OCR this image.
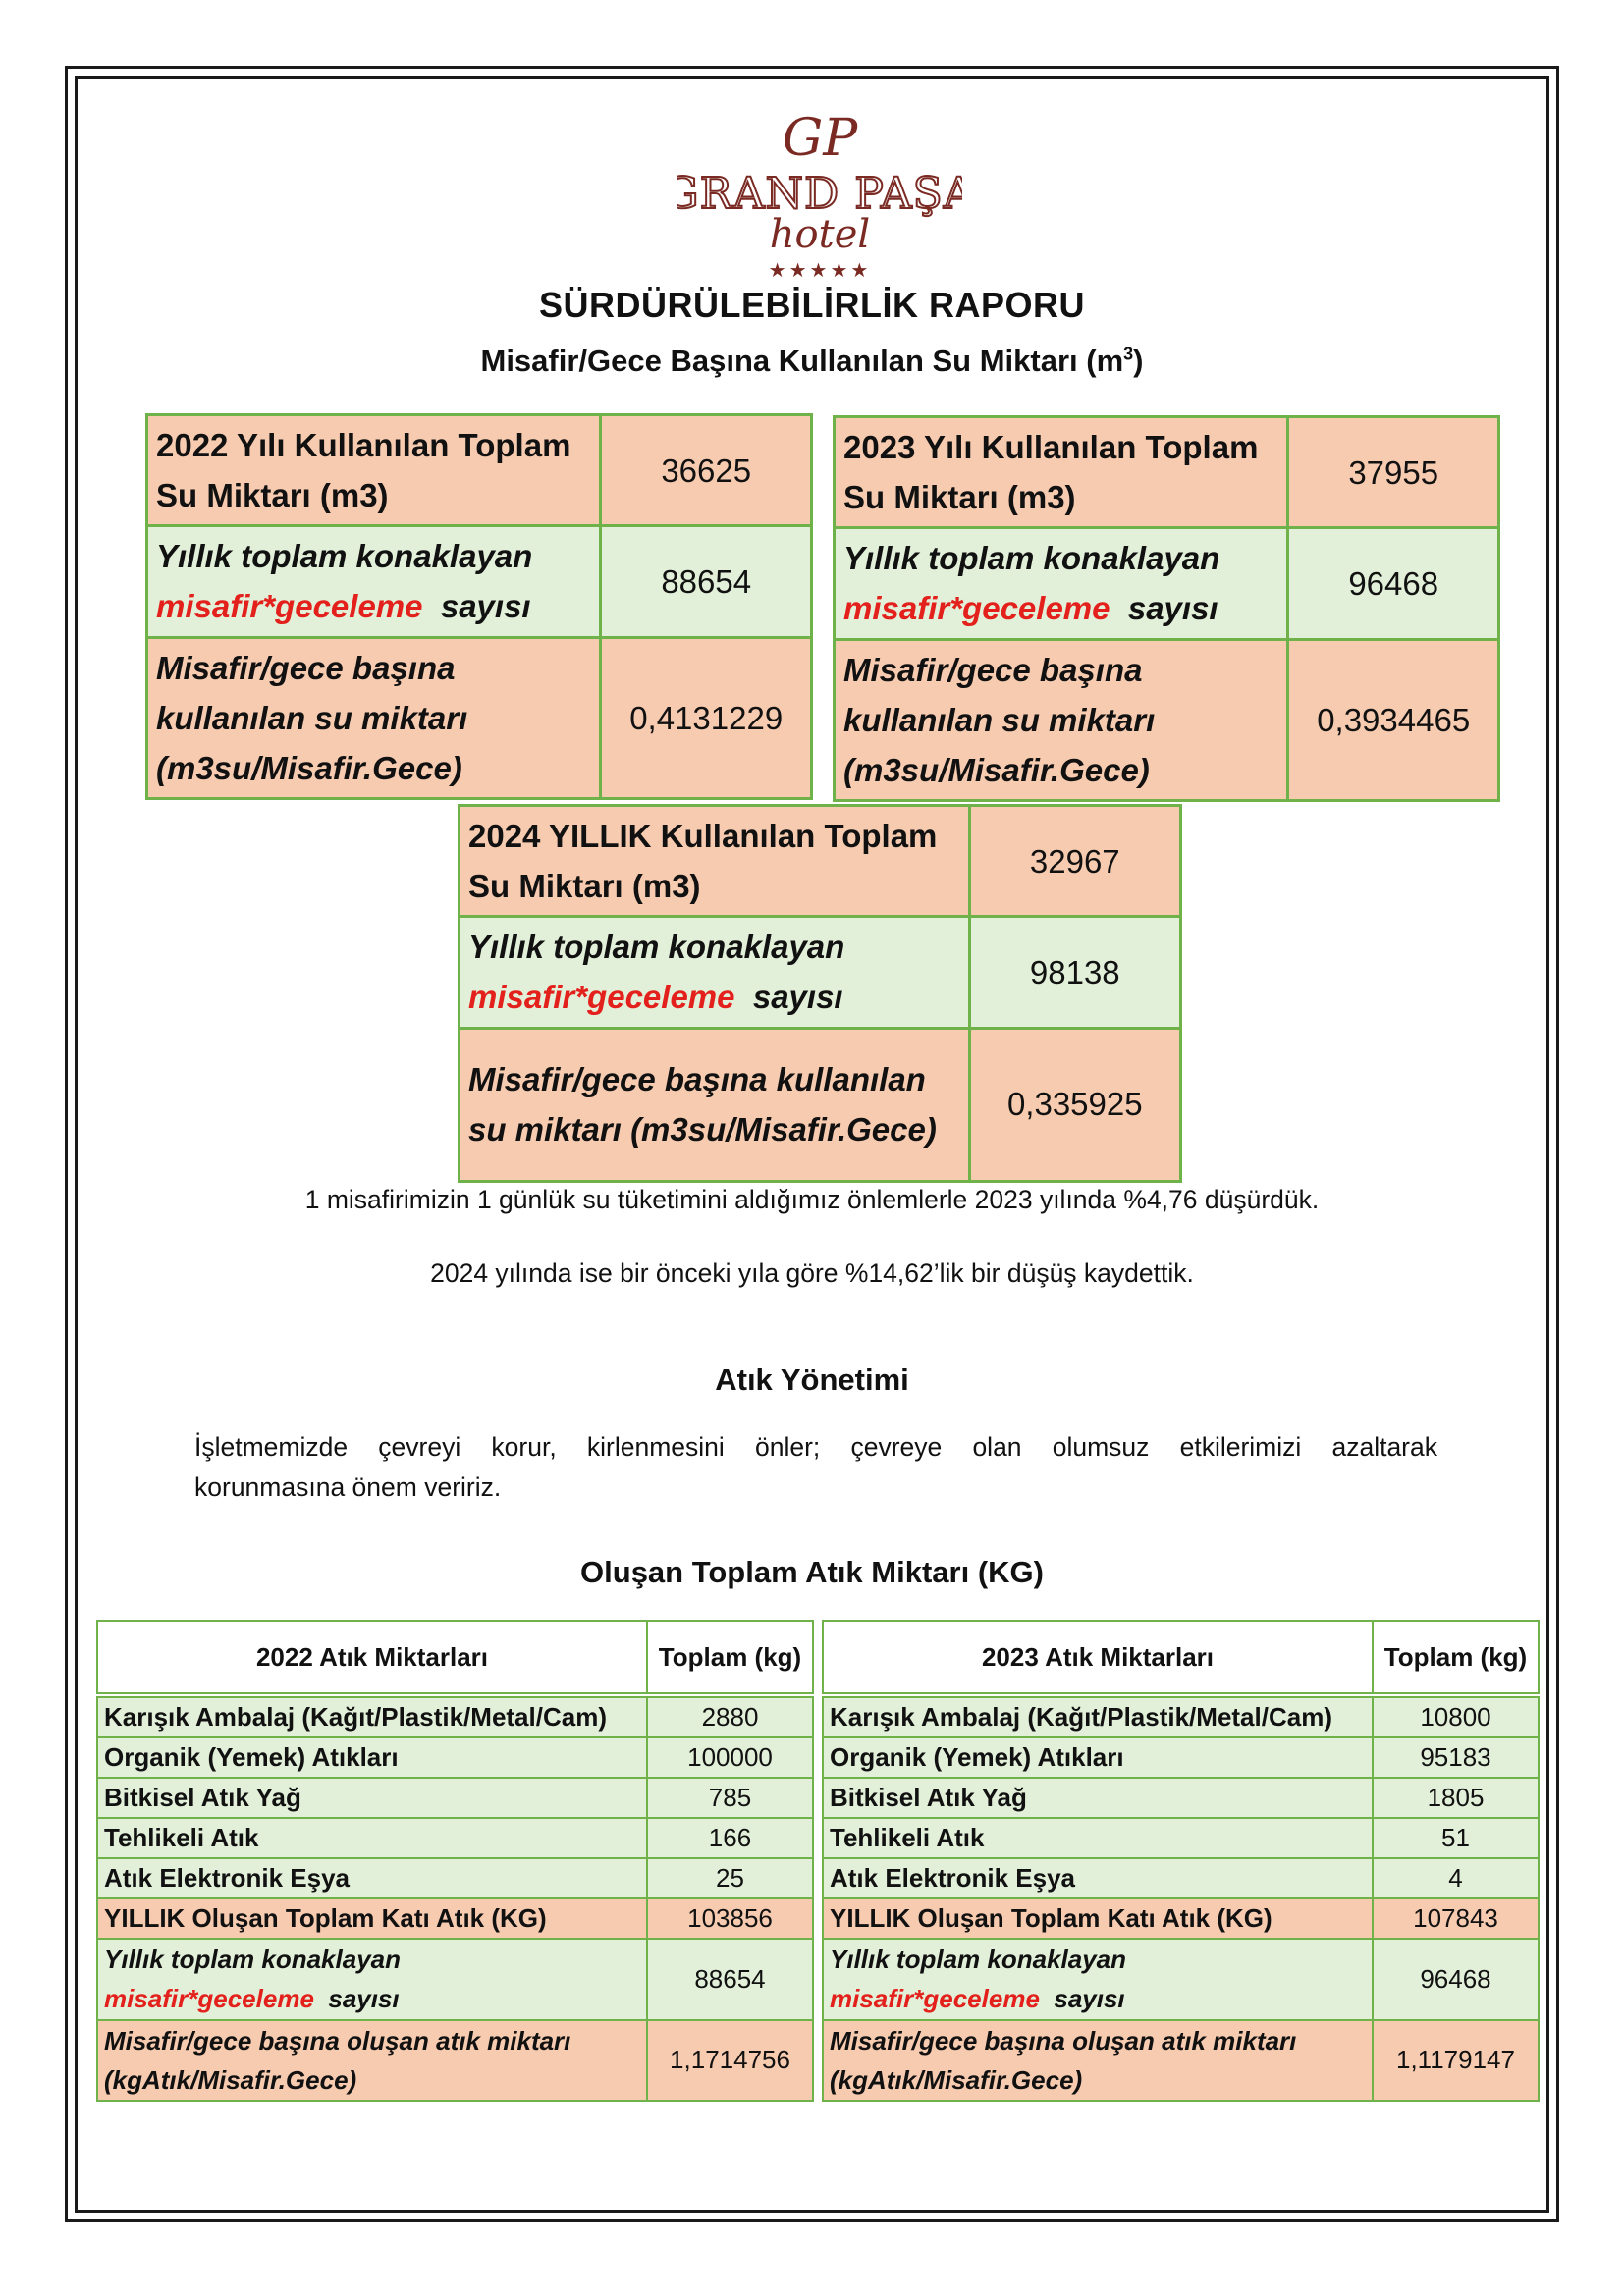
GP
GRAND PAŞA
hotel
★★★★★
SÜRDÜRÜLEBİLİRLİK RAPORU
Misafir/Gece Başına Kullanılan Su Miktarı $(m^3)$
2022 Yılı Kullanılan Toplam Su Miktarı (m3)	36625
Yıllık toplam konaklayan
misafir*geceleme sayısı	88654
Misafir/gece başına kullanılan su miktarı (m3su/Misafir.Gece)	0,4131229
2023 Yılı Kullanılan Toplam Su Miktarı (m3)	37955
Yıllık toplam konaklayan
misafir*geceleme sayısı	96468
Misafir/gece başına kullanılan su miktarı (m3su/Misafir.Gece)	0,3934465
2024 YILLIK Kullanılan Toplam Su Miktarı (m3)	32967
Yıllık toplam konaklayan
misafir*geceleme sayısı	98138
Misafir/gece başına kullanılan su miktarı (m3su/Misafir.Gece)	0,335925
1 misafirimizin 1 günlük su tüketimini aldığımız önlemlerle 2023 yılında %4,76 düşürdük.
2024 yılında ise bir önceki yıla göre %14,62’lik bir düşüş kaydettik.
Atık Yönetimi
İşletmemizde çevreyi korur, kirlenmesini önler; çevreye olan olumsuz etkilerimizi azaltarak
korunmasına önem veririz.
Oluşan Toplam Atık Miktarı (KG)
2022 Atık Miktarları	Toplam (kg)

Karışık Ambalaj (Kağıt/Plastik/Metal/Cam)	2880
Organik (Yemek) Atıkları	100000
Bitkisel Atık Yağ	785
Tehlikeli Atık	166
Atık Elektronik Eşya	25
YILLIK Oluşan Toplam Katı Atık (KG)	103856
Yıllık toplam konaklayan
misafir*geceleme sayısı	88654
Misafir/gece başına oluşan atık miktarı
(kgAtık/Misafir.Gece)	1,1714756
2023 Atık Miktarları	Toplam (kg)

Karışık Ambalaj (Kağıt/Plastik/Metal/Cam)	10800
Organik (Yemek) Atıkları	95183
Bitkisel Atık Yağ	1805
Tehlikeli Atık	51
Atık Elektronik Eşya	4
YILLIK Oluşan Toplam Katı Atık (KG)	107843
Yıllık toplam konaklayan
misafir*geceleme sayısı	96468
Misafir/gece başına oluşan atık miktarı
(kgAtık/Misafir.Gece)	1,1179147
